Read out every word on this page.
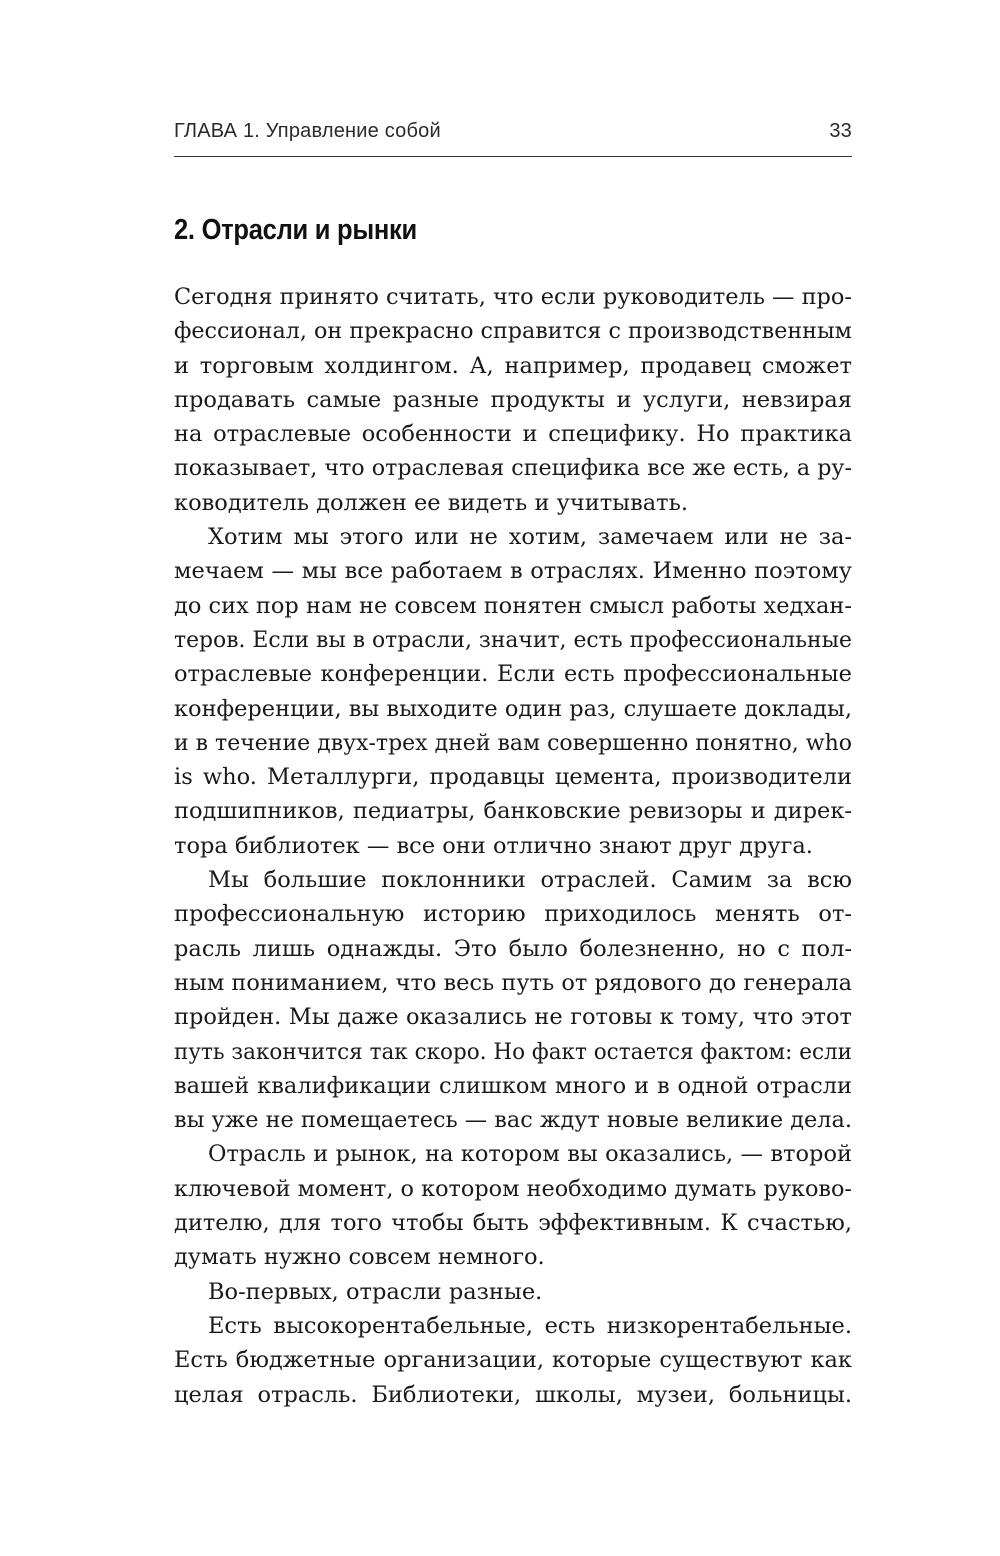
ГЛАВА 1. Управление собой	33
2. Отрасли и рынки
Сегодня принято считать, что если руководитель — про-
фессионал, он прекрасно справится с производственным
и торговым холдингом. А, например, продавец сможет
продавать самые разные продукты и услуги, невзирая
на отраслевые особенности и специфику. Но практика
показывает, что отраслевая специфика все же есть, а ру-
ководитель должен ее видеть и учитывать.
Хотим мы этого или не хотим, замечаем или не за-
мечаем — мы все работаем в отраслях. Именно поэтому
до сих пор нам не совсем понятен смысл работы хедхан-
теров. Если вы в отрасли, значит, есть профессиональные
отраслевые конференции. Если есть профессиональные
конференции, вы выходите один раз, слушаете доклады,
и в течение двух-трех дней вам совершенно понятно, who
is who. Металлурги, продавцы цемента, производители
подшипников, педиатры, банковские ревизоры и дирек-
тора библиотек — все они отлично знают друг друга.
Мы большие поклонники отраслей. Самим за всю
профессиональную историю приходилось менять от-
расль лишь однажды. Это было болезненно, но с пол-
ным пониманием, что весь путь от рядового до генерала
пройден. Мы даже оказались не готовы к тому, что этот
путь закончится так скоро. Но факт остается фактом: если
вашей квалификации слишком много и в одной отрасли
вы уже не помещаетесь — вас ждут новые великие дела.
Отрасль и рынок, на котором вы оказались, — второй
ключевой момент, о котором необходимо думать руково-
дителю, для того чтобы быть эффективным. К счастью,
думать нужно совсем немного.
Во-первых, отрасли разные.
Есть высокорентабельные, есть низкорентабельные.
Есть бюджетные организации, которые существуют как
целая отрасль. Библиотеки, школы, музеи, больницы.
